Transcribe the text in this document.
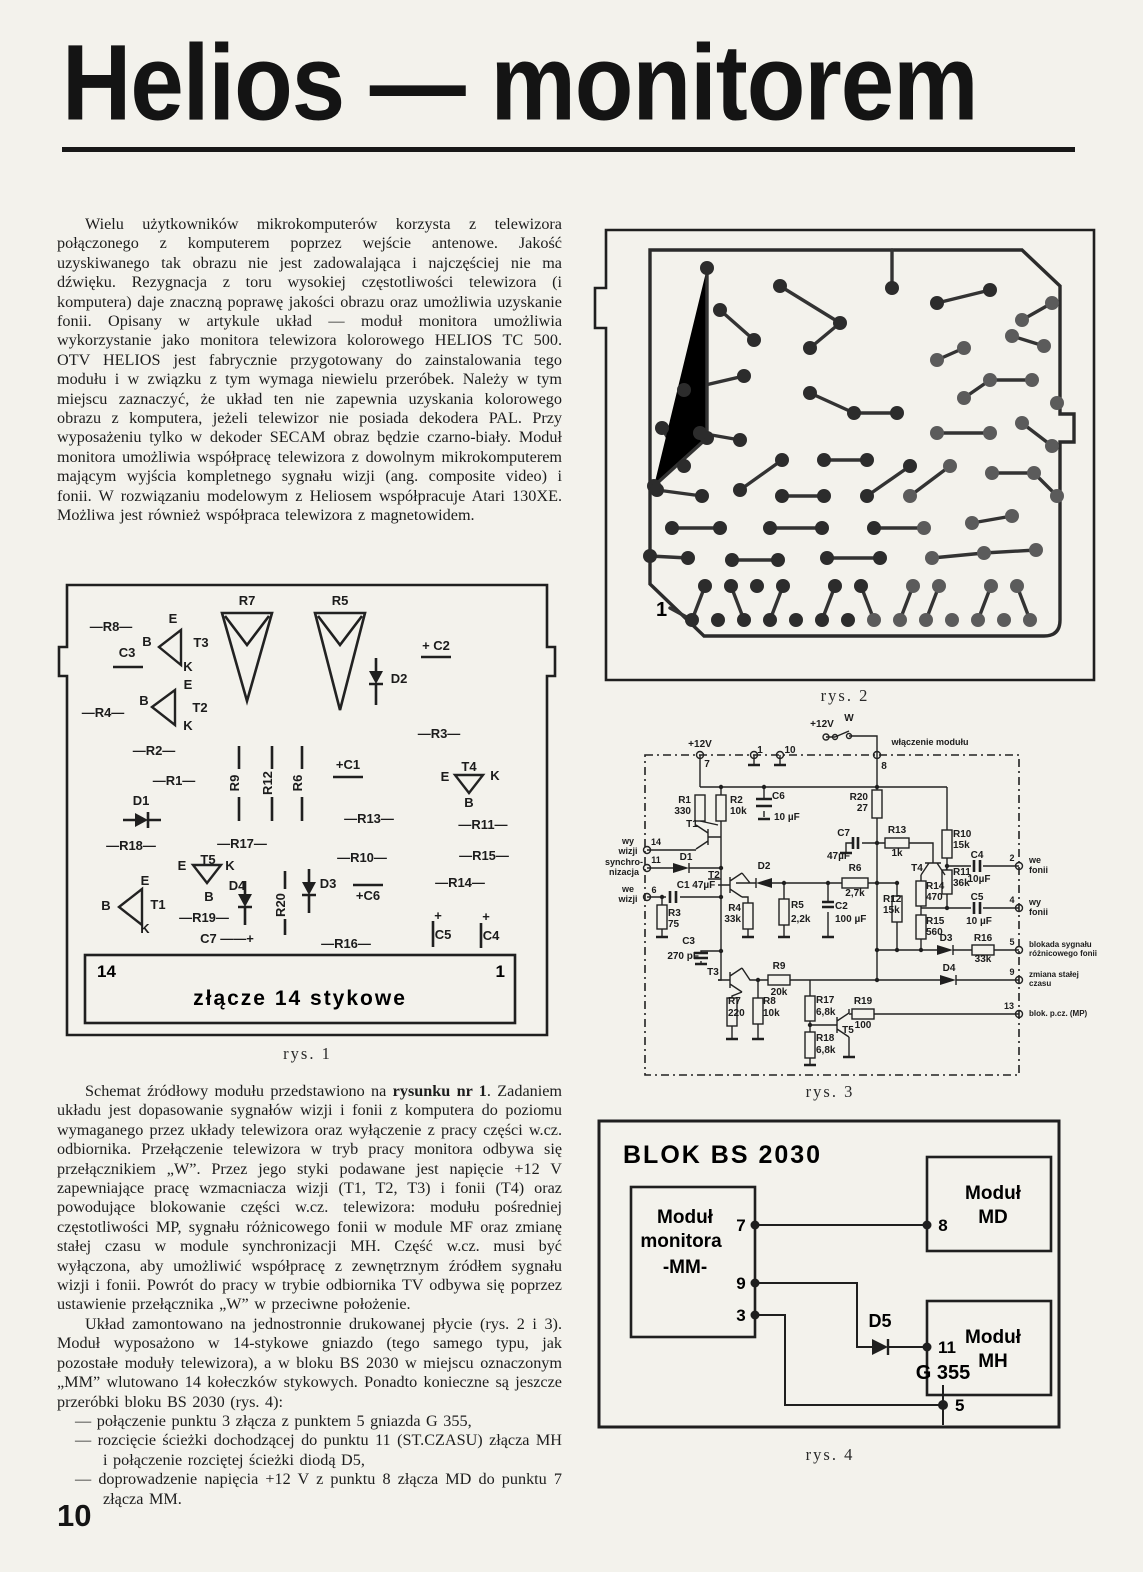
Helios — monitorem

Wielu użytkowników mikrokomputerów korzysta z telewizora połączonego z komputerem poprzez wejście antenowe. Jakość uzyskiwanego tak obrazu nie jest zadowalająca i najczęściej nie ma dźwięku. Rezygnacja z toru wysokiej częstotliwości telewizora (i komputera) daje znaczną poprawę jakości obrazu oraz umożliwia uzyskanie fonii. Opisany w artykule układ — moduł monitora umożliwia wykorzystanie jako monitora telewizora kolorowego HELIOS TC 500. OTV HELIOS jest fabrycznie przygotowany do zainstalowania tego modułu i w związku z tym wymaga niewielu przeróbek. Należy w tym miejscu zaznaczyć, że układ ten nie zapewnia uzyskania kolorowego obrazu z komputera, jeżeli telewizor nie posiada dekodera PAL. Przy wyposażeniu tylko w dekoder SECAM obraz będzie czarno-biały. Moduł monitora umożliwia współpracę telewizora z dowolnym mikrokomputerem mającym wyjścia kompletnego sygnału wizji (ang. composite video) i fonii. W rozwiązaniu modelowym z Heliosem współpracuje Atari 130XE. Możliwa jest również współpraca telewizora z magnetowidem.

14	1
złącze 14 stykowe
—R8—
E
B	T3
C3
K
R7	R5
+ C2
D2
E
B	T2
K
—R4—
—R2—
—R1—
D1
R9 R12 R6
+C1
—R3—
E
T4
K
B
—R13—	—R11—
—R18—	—R17—
—R10—	—R15—
E T5 K
B
D4
R20
D3
+C6
—R14—
E
B	T1
K
—R19—
C7 ——+	—R16—
C5 C4
+	+
rys. 1

Schemat źródłowy modułu przedstawiono na rysunku nr 1. Zadaniem układu jest dopasowanie sygnałów wizji i fonii z komputera do poziomu wymaganego przez układy telewizora oraz wyłączenie z pracy części w.cz. odbiornika. Przełączenie telewizora w tryb pracy monitora odbywa się przełącznikiem „W”. Przez jego styki podawane jest napięcie +12 V zapewniające pracę wzmacniacza wizji (T1, T2, T3) i fonii (T4) oraz powodujące blokowanie części w.cz. telewizora: modułu pośredniej częstotliwości MP, sygnału różnicowego fonii w module MF oraz zmianę stałej czasu w module synchronizacji MH. Część w.cz. musi być wyłączona, aby umożliwić współpracę z zewnętrznym źródłem sygnału wizji i fonii. Powrót do pracy w trybie odbiornika TV odbywa się poprzez ustawienie przełącznika „W” w przeciwne położenie.

Układ zamontowano na jednostronnie drukowanej płycie (rys. 2 i 3). Moduł wyposażono w 14-stykowe gniazdo (tego samego typu, jak pozostałe moduły telewizora), a w bloku BS 2030 w miejscu oznaczonym „MM” wlutowano 14 kołeczków stykowych. Ponadto konieczne są jeszcze przeróbki bloku BS 2030 (rys. 4):

— połączenie punktu 3 złącza z punktem 5 gniazda G 355,
— rozcięcie ścieżki dochodzącej do punktu 11 (ST.CZASU) złącza MH i połączenie rozciętej ścieżki diodą D5,
— doprowadzenie napięcia +12 V z punktu 8 złącza MD do punktu 7 złącza MM.
10
1
rys. 2
+12V
7
+12V
W
włączenie modułu
8
1 10
R1
330
R2
10k
C6
10 µF
T1
wy
wizji
14
synchro-
nizacja
11 D1
we
wizji
6 C1 47µF
T2
D2
R3
75
R4
33k
R5
2,2k
C2
100 µF
R6
2,7k
C3
270 pF
T3
R7
220
R8
10k
R9
20k
R17
6,8k
T5
R18
6,8k
R19
100
R20
27
C7
47µF
R13
1k
R10
15k
T4
R14
470
R11
36k
R12
15k
R15
560
C4
10µF
C5
10 µF
D3 R16
33k
D4
2 we
fonii
4 wy
fonii
5 blokada sygnału
różnicowego fonii
9 zmiana stałej
czasu
13
blok. p.cz. (MP)
rys. 3
BLOK BS 2030
Moduł
monitora
-MM-
7
9
3
Moduł
MD
8
Moduł
MH
11
D5
G 355
5
rys. 4
